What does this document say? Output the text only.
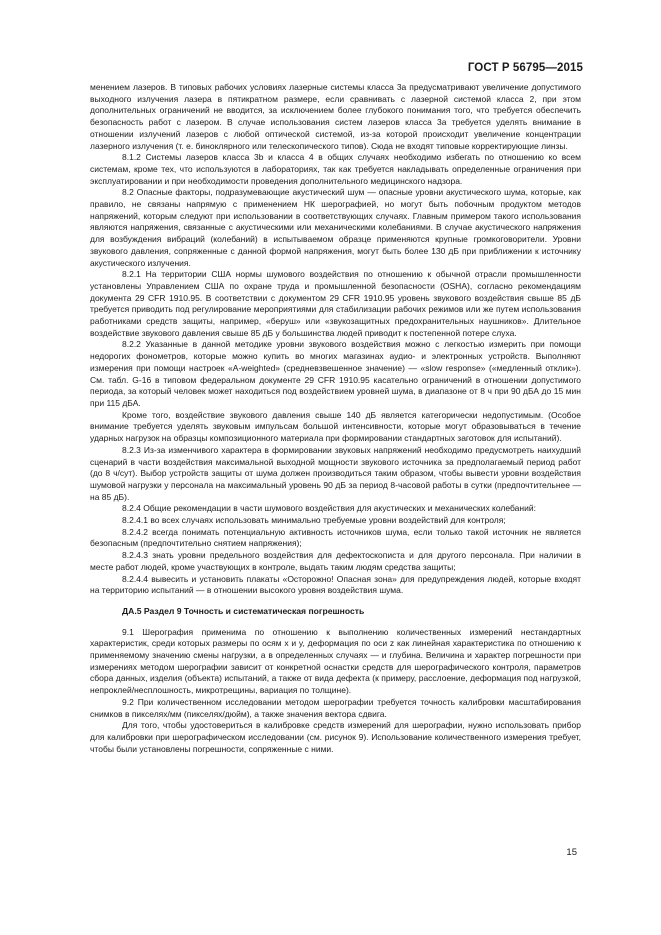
ГОСТ Р 56795—2015

менением лазеров. В типовых рабочих условиях лазерные системы класса 3а предусматривают увеличение допустимого выходного излучения лазера в пятикратном размере, если сравнивать с лазерной системой класса 2, при этом дополнительных ограничений не вводится, за исключением более глубокого понимания того, что требуется обеспечить безопасность работ с лазером. В случае использования систем лазеров класса 3а требуется уделять внимание в отношении излучений лазеров с любой оптической системой, из-за которой происходит увеличение концентрации лазерного излучения (т. е. биноклярного или телескопического типов). Сюда не входят типовые корректирующие линзы.

8.1.2 Системы лазеров класса 3b и класса 4 в общих случаях необходимо избегать по отношению ко всем системам, кроме тех, что используются в лабораториях, так как требуется накладывать определенные ограничения при эксплуатировании и при необходимости проведения дополнительного медицинского надзора.

8.2 Опасные факторы, подразумевающие акустический шум — опасные уровни акустического шума, которые, как правило, не связаны напрямую с применением НК шерографией, но могут быть побочным продуктом методов напряжений, которым следуют при использовании в соответствующих случаях. Главным примером такого использования являются напряжения, связанные с акустическими или механическими колебаниями. В случае акустического напряжения для возбуждения вибраций (колебаний) в испытываемом образце применяются крупные громкоговорители. Уровни звукового давления, сопряженные с данной формой напряжения, могут быть более 130 дБ при приближении к источнику акустического излучения.

8.2.1 На территории США нормы шумового воздействия по отношению к обычной отрасли промышленности установлены Управлением США по охране труда и промышленной безопасности (OSHA), согласно рекомендациям документа 29 CFR 1910.95. В соответствии с документом 29 CFR 1910.95 уровень звукового воздействия свыше 85 дБ требуется приводить под регулирование мероприятиями для стабилизации рабочих режимов или же путем использования работниками средств защиты, например, «беруш» или «звукозащитных предохранительных наушников». Длительное воздействие звукового давления свыше 85 дБ у большинства людей приводит к постепенной потере слуха.

8.2.2 Указанные в данной методике уровни звукового воздействия можно с легкостью измерить при помощи недорогих фонометров, которые можно купить во многих магазинах аудио- и электронных устройств. Выполняют измерения при помощи настроек «A-weighted» (средневзвешенное значение) — «slow response» («медленный отклик»). См. табл. G-16 в типовом федеральном документе 29 CFR 1910.95 касательно ограничений в отношении допустимого периода, за который человек может находиться под воздействием уровней шума, в диапазоне от 8 ч при 90 дБА до 15 мин при 115 дБА.

Кроме того, воздействие звукового давления свыше 140 дБ является категорически недопустимым. (Особое внимание требуется уделять звуковым импульсам большой интенсивности, которые могут образовываться в течение ударных нагрузок на образцы композиционного материала при формировании стандартных заготовок для испытаний).

8.2.3 Из-за изменчивого характера в формировании звуковых напряжений необходимо предусмотреть наихудший сценарий в части воздействия максимальной выходной мощности звукового источника за предполагаемый период работ (до 8 ч/сут). Выбор устройств защиты от шума должен производиться таким образом, чтобы вывести уровни воздействия шумовой нагрузки у персонала на максимальный уровень 90 дБ за период 8-часовой работы в сутки (предпочтительнее — на 85 дБ).

8.2.4 Общие рекомендации в части шумового воздействия для акустических и механических колебаний:

8.2.4.1 во всех случаях использовать минимально требуемые уровни воздействий для контроля;

8.2.4.2 всегда понимать потенциальную активность источников шума, если только такой источник не является безопасным (предпочтительно снятием напряжения);

8.2.4.3 знать уровни предельного воздействия для дефектоскописта и для другого персонала. При наличии в месте работ людей, кроме участвующих в контроле, выдать таким людям средства защиты;

8.2.4.4 вывесить и установить плакаты «Осторожно! Опасная зона» для предупреждения людей, которые входят на территорию испытаний — в отношении высокого уровня воздействия шума.

ДА.5 Раздел 9 Точность и систематическая погрешность

9.1 Шерография применима по отношению к выполнению количественных измерений нестандартных характеристик, среди которых размеры по осям x и y, деформация по оси z как линейная характеристика по отношению к применяемому значению смены нагрузки, а в определенных случаях — и глубина. Величина и характер погрешности при измерениях методом шерографии зависит от конкретной оснастки средств для шерографического контроля, параметров сбора данных, изделия (объекта) испытаний, а также от вида дефекта (к примеру, расслоение, деформация под нагрузкой, непроклей/несплошность, микротрещины, вариация по толщине).

9.2 При количественном исследовании методом шерографии требуется точность калибровки масштабирования снимков в пикселях/мм (пикселях/дюйм), а также значения вектора сдвига.

Для того, чтобы удостовериться в калибровке средств измерений для шерографии, нужно использовать прибор для калибровки при шерографическом исследовании (см. рисунок 9). Использование количественного измерения требует, чтобы были установлены погрешности, сопряженные с ними.

15
